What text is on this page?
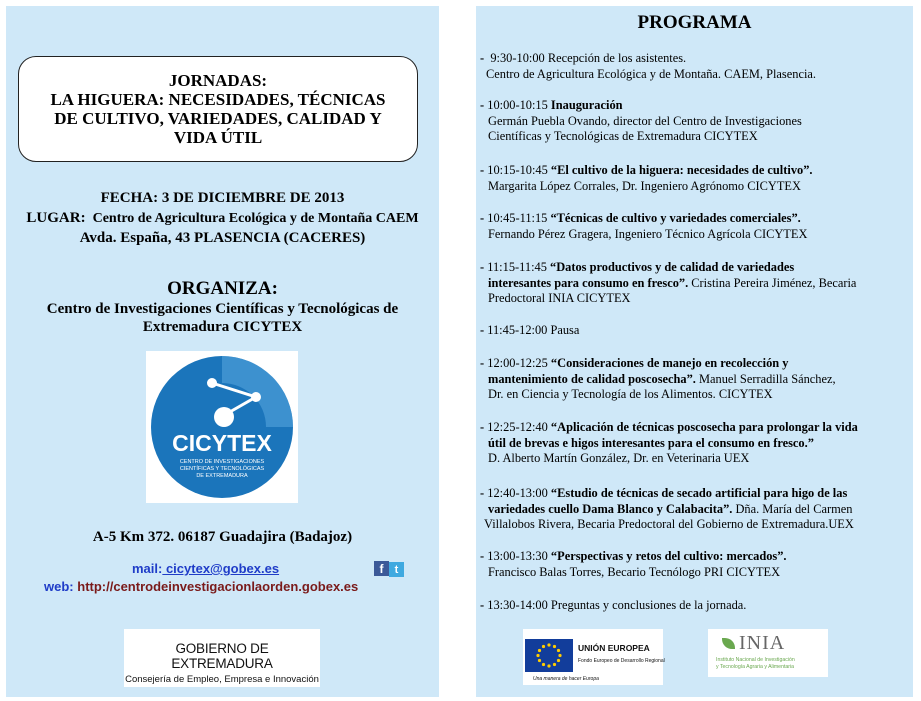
JORNADAS:
LA HIGUERA: NECESIDADES, TÉCNICAS
DE CULTIVO, VARIEDADES, CALIDAD Y
VIDA ÚTIL
FECHA: 3 DE DICIEMBRE DE 2013
LUGAR: Centro de Agricultura Ecológica y de Montaña CAEM
Avda. España, 43 PLASENCIA (CACERES)
ORGANIZA:
Centro de Investigaciones Científicas y Tecnológicas de
Extremadura CICYTEX
CICYTEX
CENTRO DE INVESTIGACIONES
CIENTÍFICAS Y TECNOLÓGICAS
DE EXTREMADURA
A-5 Km 372. 06187 Guadajira (Badajoz)
mail: cicytex@gobex.es	f t
web: http://centrodeinvestigacionlaorden.gobex.es
GOBIERNO DE EXTREMADURA
Consejería de Empleo, Empresa e Innovación
PROGRAMA
- 9:30-10:00 Recepción de los asistentes.
Centro de Agricultura Ecológica y de Montaña. CAEM, Plasencia.
- 10:00-10:15 Inauguración
Germán Puebla Ovando, director del Centro de Investigaciones
Científicas y Tecnológicas de Extremadura CICYTEX
- 10:15-10:45 “El cultivo de la higuera: necesidades de cultivo”.
Margarita López Corrales, Dr. Ingeniero Agrónomo CICYTEX
- 10:45-11:15 “Técnicas de cultivo y variedades comerciales”.
Fernando Pérez Gragera, Ingeniero Técnico Agrícola CICYTEX
- 11:15-11:45 “Datos productivos y de calidad de variedades
interesantes para consumo en fresco”. Cristina Pereira Jiménez, Becaria
Predoctoral INIA CICYTEX
- 11:45-12:00 Pausa
- 12:00-12:25 “Consideraciones de manejo en recolección y
mantenimiento de calidad poscosecha”. Manuel Serradilla Sánchez,
Dr. en Ciencia y Tecnología de los Alimentos. CICYTEX
- 12:25-12:40 “Aplicación de técnicas poscosecha para prolongar la vida
útil de brevas e higos interesantes para el consumo en fresco.”
D. Alberto Martín González, Dr. en Veterinaria UEX
- 12:40-13:00 “Estudio de técnicas de secado artificial para higo de las
variedades cuello Dama Blanco y Calabacita”. Dña. María del Carmen
Villalobos Rivera, Becaria Predoctoral del Gobierno de Extremadura.UEX
- 13:00-13:30 “Perspectivas y retos del cultivo: mercados”.
Francisco Balas Torres, Becario Tecnólogo PRI CICYTEX
- 13:30-14:00 Preguntas y conclusiones de la jornada.
UNIÓN EUROPEA
Fondo Europeo de Desarrollo Regional
Una manera de hacer Europa
INIA
Instituto Nacional de Investigación
y Tecnología Agraria y Alimentaria
